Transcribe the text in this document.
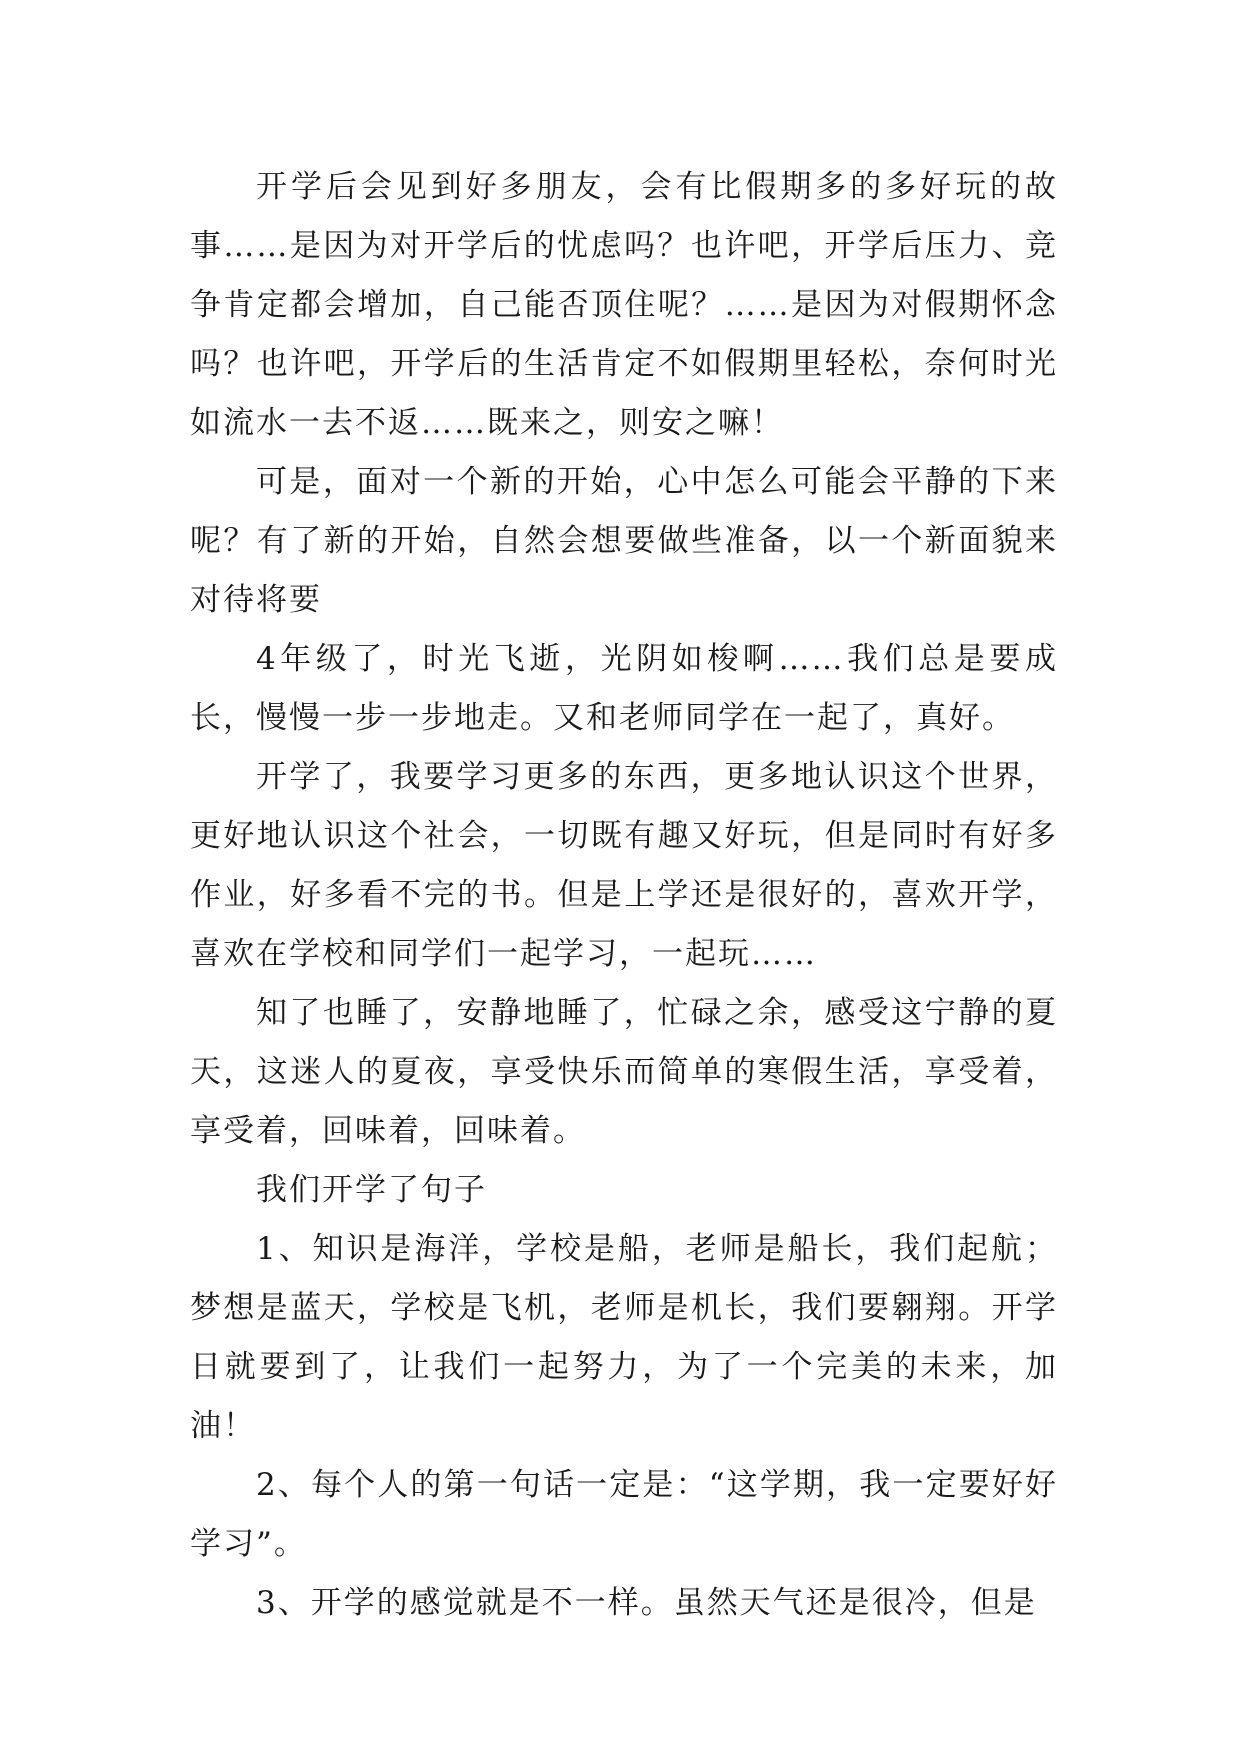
开学后会见到好多朋友，会有比假期多的多好玩的故事……是因为对开学后的忧虑吗？也许吧，开学后压力、竞争肯定都会增加，自己能否顶住呢？……是因为对假期怀念吗？也许吧，开学后的生活肯定不如假期里轻松，奈何时光如流水一去不返……既来之，则安之嘛！

可是，面对一个新的开始，心中怎么可能会平静的下来呢？有了新的开始，自然会想要做些准备，以一个新面貌来对待将要

4年级了，时光飞逝，光阴如梭啊……我们总是要成长，慢慢一步一步地走。又和老师同学在一起了，真好。

开学了，我要学习更多的东西，更多地认识这个世界，更好地认识这个社会，一切既有趣又好玩，但是同时有好多作业，好多看不完的书。但是上学还是很好的，喜欢开学，喜欢在学校和同学们一起学习，一起玩……

知了也睡了，安静地睡了，忙碌之余，感受这宁静的夏天，这迷人的夏夜，享受快乐而简单的寒假生活，享受着，享受着，回味着，回味着。

我们开学了句子

1、知识是海洋，学校是船，老师是船长，我们起航；梦想是蓝天，学校是飞机，老师是机长，我们要翱翔。开学日就要到了，让我们一起努力，为了一个完美的未来，加油！

2、每个人的第一句话一定是：“这学期，我一定要好好学习”。

3、开学的感觉就是不一样。虽然天气还是很冷，但是
